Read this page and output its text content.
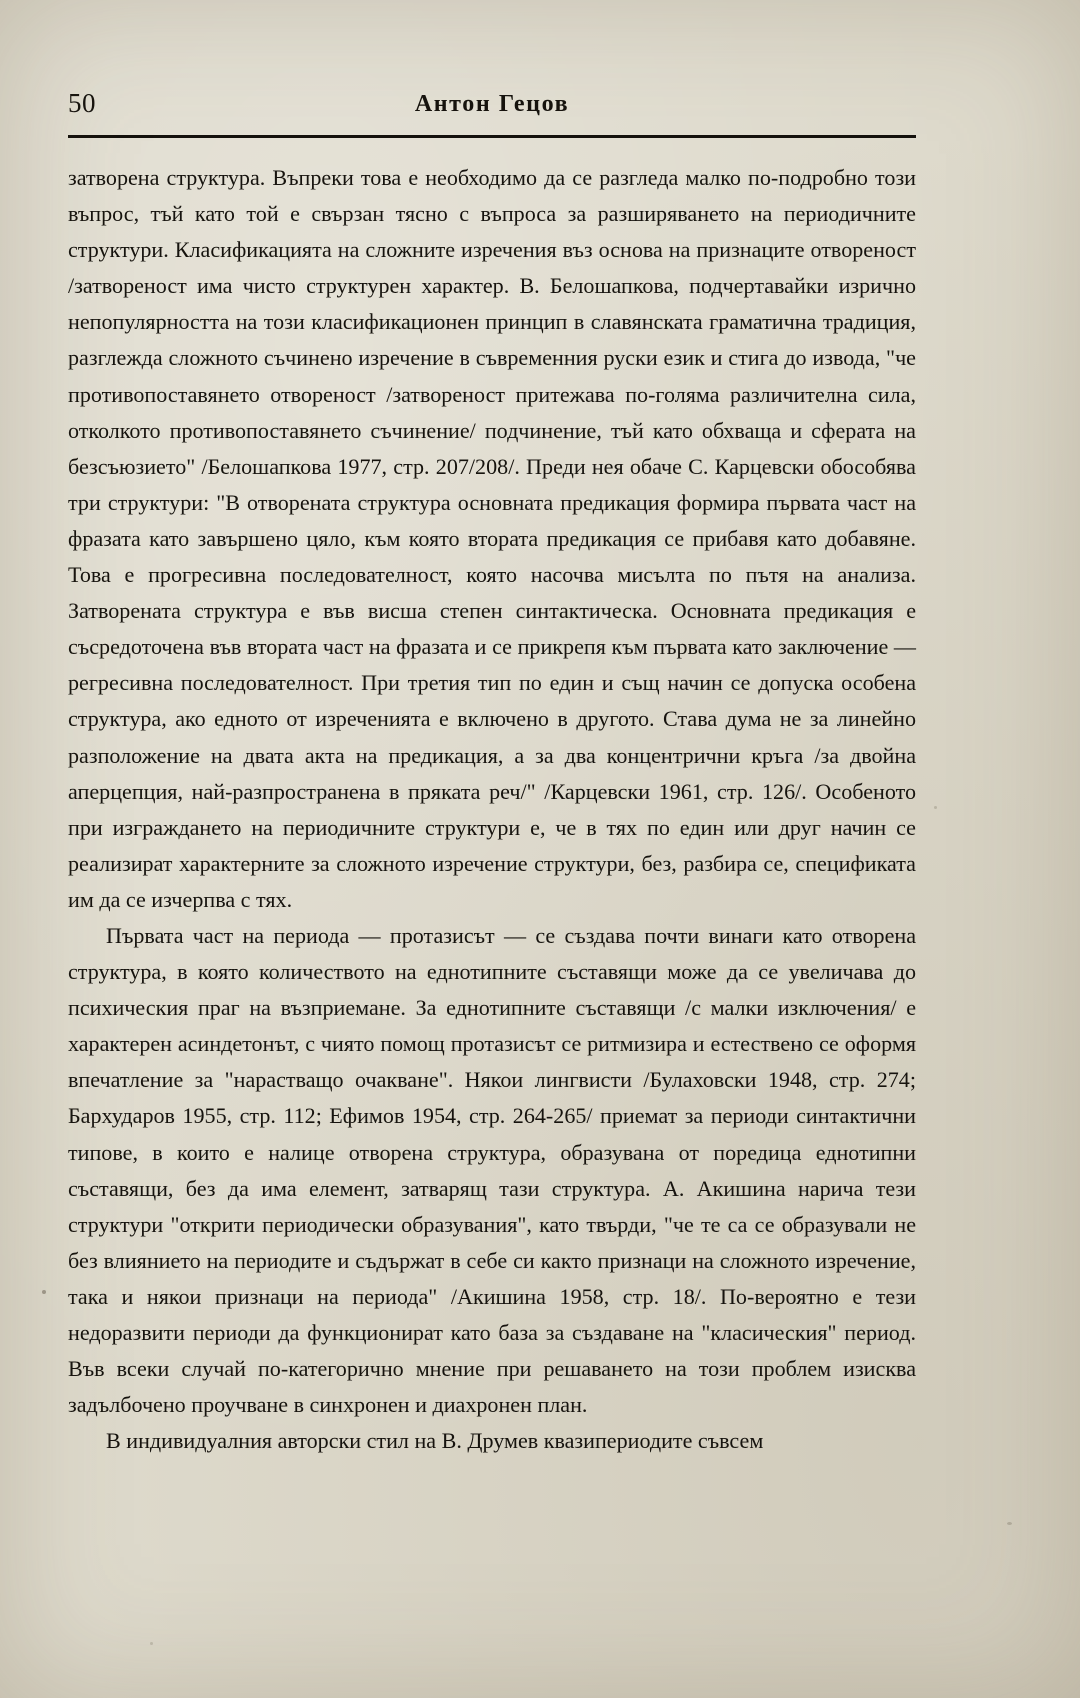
50	Антон Гецов

затворена структура. Въпреки това е необходимо да се разгледа малко по-подробно този въпрос, тъй като той е свързан тясно с въпроса за разширяването на периодичните структури. Класификацията на сложните изречения въз основа на признаците отвореност /затвореност има чисто структурен характер. В. Белошапкова, подчертавайки изрично непопулярността на този класификационен принцип в славянската граматична традиция, разглежда сложното съчинено изречение в съвременния руски език и стига до извода, "че противопоставянето отвореност /затвореност притежава по-голяма различителна сила, отколкото противопоставянето съчинение/ подчинение, тъй като обхваща и сферата на безсъюзието" /Белошапкова 1977, стр. 207/208/. Преди нея обаче С. Карцевски обособява три структури: "В отворената структура основната предикация формира първата част на фразата като завършено цяло, към която втората предикация се прибавя като добавяне. Това е прогресивна последователност, която насочва мисълта по пътя на анализа. Затворената структура е във висша степен синтактическа. Основната предикация е съсредоточена във втората част на фразата и се прикрепя към първата като заключение — регресивна последователност. При третия тип по един и същ начин се допуска особена структура, ако едното от изреченията е включено в другото. Става дума не за линейно разположение на двата акта на предикация, а за два концентрични кръга /за двойна аперцепция, най-разпространена в пряката реч/" /Карцевски 1961, стр. 126/. Особеното при изграждането на периодичните структури е, че в тях по един или друг начин се реализират характерните за сложното изречение структури, без, разбира се, спецификата им да се изчерпва с тях.

Първата част на периода — протазисът — се създава почти винаги като отворена структура, в която количеството на еднотипните съставящи може да се увеличава до психическия праг на възприемане. За еднотипните съставящи /с малки изключения/ е характерен асиндетонът, с чиято помощ протазисът се ритмизира и естествено се оформя впечатление за "нарастващо очакване". Някои лингвисти /Булаховски 1948, стр. 274; Бархударов 1955, стр. 112; Ефимов 1954, стр. 264-265/ приемат за периоди синтактични типове, в които е налице отворена структура, образувана от поредица еднотипни съставящи, без да има елемент, затварящ тази структура. А. Акишина нарича тези структури "открити периодически образувания", като твърди, "че те са се образували не без влиянието на периодите и съдържат в себе си както признаци на сложното изречение, така и някои признаци на периода" /Акишина 1958, стр. 18/. По-вероятно е тези недоразвити периоди да функционират като база за създаване на "класическия" период. Във всеки случай по-категорично мнение при решаването на този проблем изисква задълбочено проучване в синхронен и диахронен план.

В индивидуалния авторски стил на В. Друмев квазипериодите съвсем
